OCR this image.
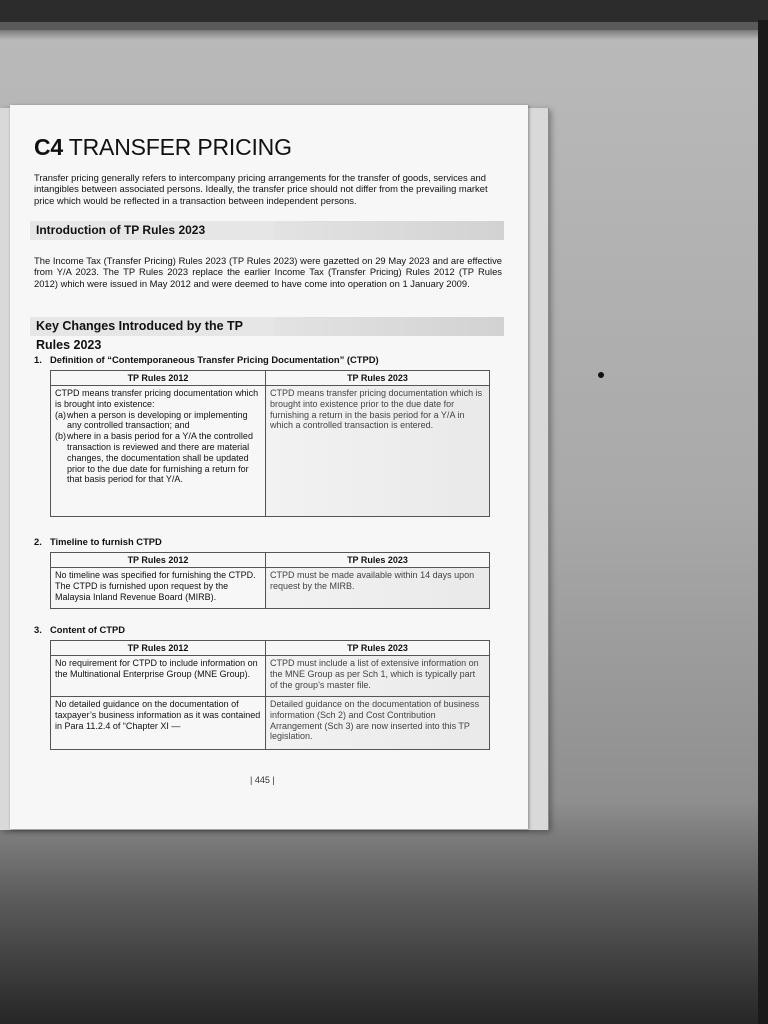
C4 TRANSFER PRICING

Transfer pricing generally refers to intercompany pricing arrangements for the transfer of goods, services and intangibles between associated persons. Ideally, the transfer price should not differ from the prevailing market price which would be reflected in a transaction between independent persons.

Introduction of TP Rules 2023

The Income Tax (Transfer Pricing) Rules 2023 (TP Rules 2023) were gazetted on 29 May 2023 and are effective from Y/A 2023. The TP Rules 2023 replace the earlier Income Tax (Transfer Pricing) Rules 2012 (TP Rules 2012) which were issued in May 2012 and were deemed to have come into operation on 1 January 2009.

Key Changes Introduced by the TP Rules 2023
1. Definition of “Contemporaneous Transfer Pricing Documentation” (CTPD)
TP Rules 2012	TP Rules 2023

CTPD means transfer pricing documentation which is brought into existence:
(a) when a person is developing or implementing any controlled transaction; and
(b) where in a basis period for a Y/A the controlled transaction is reviewed and there are material changes, the documentation shall be updated prior to the due date for furnishing a return for that basis period for that Y/A.	CTPD means transfer pricing documentation which is brought into existence prior to the due date for furnishing a return in the basis period for a Y/A in which a controlled transaction is entered.
2. Timeline to furnish CTPD
TP Rules 2012	TP Rules 2023
No timeline was specified for furnishing the CTPD. The CTPD is furnished upon request by the Malaysia Inland Revenue Board (MIRB).	CTPD must be made available within 14 days upon request by the MIRB.
3. Content of CTPD
TP Rules 2012	TP Rules 2023
No requirement for CTPD to include information on the Multinational Enterprise Group (MNE Group).	CTPD must include a list of extensive information on the MNE Group as per Sch 1, which is typically part of the group’s master file.
No detailed guidance on the documentation of taxpayer’s business information as it was contained in Para 11.2.4 of “Chapter XI —	Detailed guidance on the documentation of business information (Sch 2) and Cost Contribution Arrangement (Sch 3) are now inserted into this TP legislation.
| 445 |
